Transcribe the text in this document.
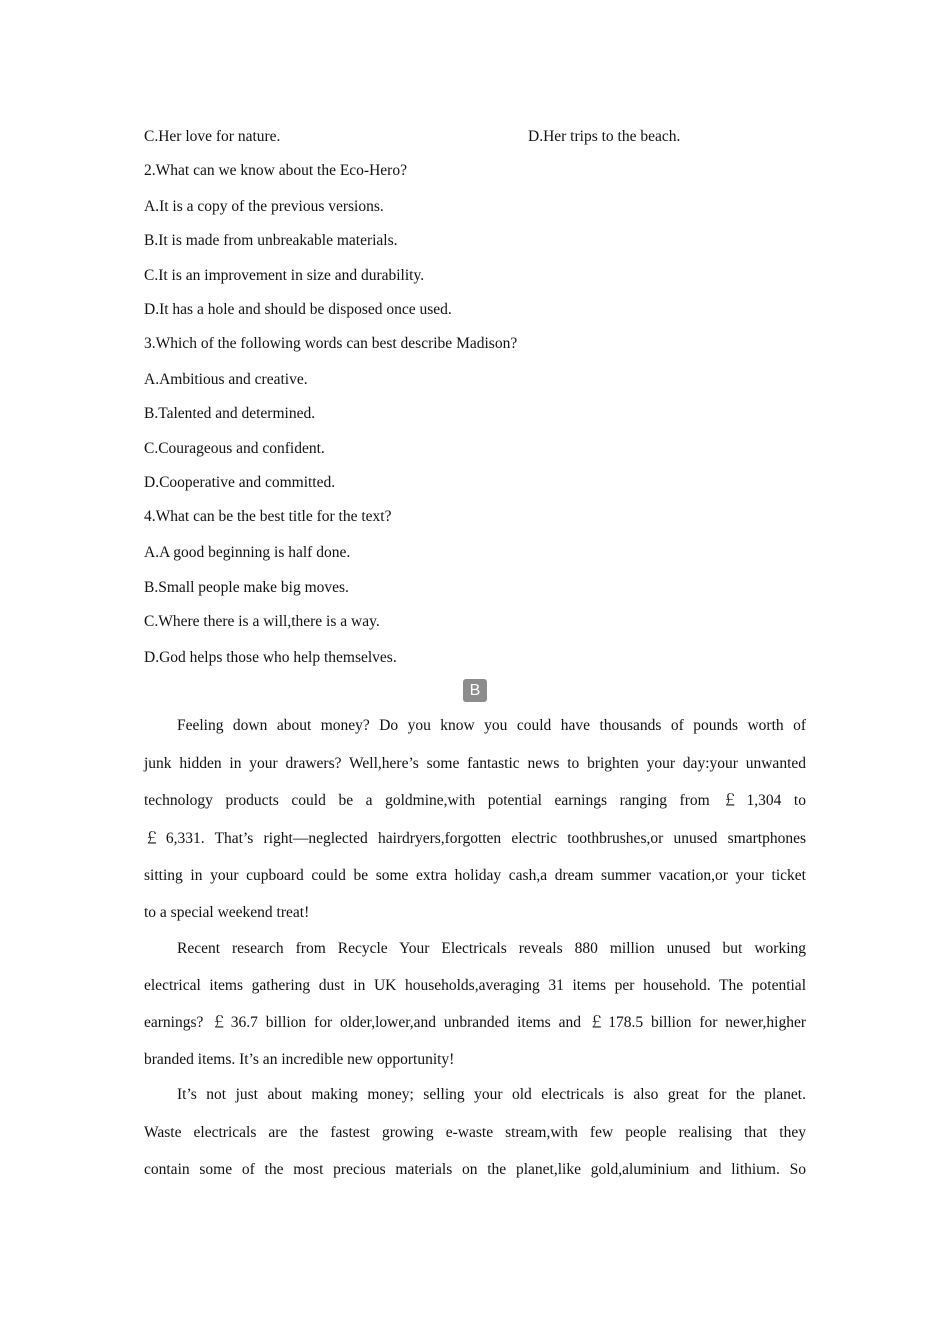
C.Her love for nature.	D.Her trips to the beach.
2.What can we know about the Eco-Hero?
A.It is a copy of the previous versions.
B.It is made from unbreakable materials.
C.It is an improvement in size and durability.
D.It has a hole and should be disposed once used.
3.Which of the following words can best describe Madison?
A.Ambitious and creative.
B.Talented and determined.
C.Courageous and confident.
D.Cooperative and committed.
4.What can be the best title for the text?
A.A good beginning is half done.
B.Small people make big moves.
C.Where there is a will,there is a way.
D.God helps those who help themselves.
B
Feeling down about money? Do you know you could have thousands of pounds worth of
junk hidden in your drawers? Well,here’s some fantastic news to brighten your day:your unwanted
technology products could be a goldmine,with potential earnings ranging from ￡1,304 to
￡6,331. That’s right—neglected hairdryers,forgotten electric toothbrushes,or unused smartphones
sitting in your cupboard could be some extra holiday cash,a dream summer vacation,or your ticket
to a special weekend treat!
Recent research from Recycle Your Electricals reveals 880 million unused but working
electrical items gathering dust in UK households,averaging 31 items per household. The potential
earnings? ￡36.7 billion for older,lower,and unbranded items and ￡178.5 billion for newer,higher
branded items. It’s an incredible new opportunity!
It’s not just about making money; selling your old electricals is also great for the planet.
Waste electricals are the fastest growing e-waste stream,with few people realising that they
contain some of the most precious materials on the planet,like gold,aluminium and lithium. So
